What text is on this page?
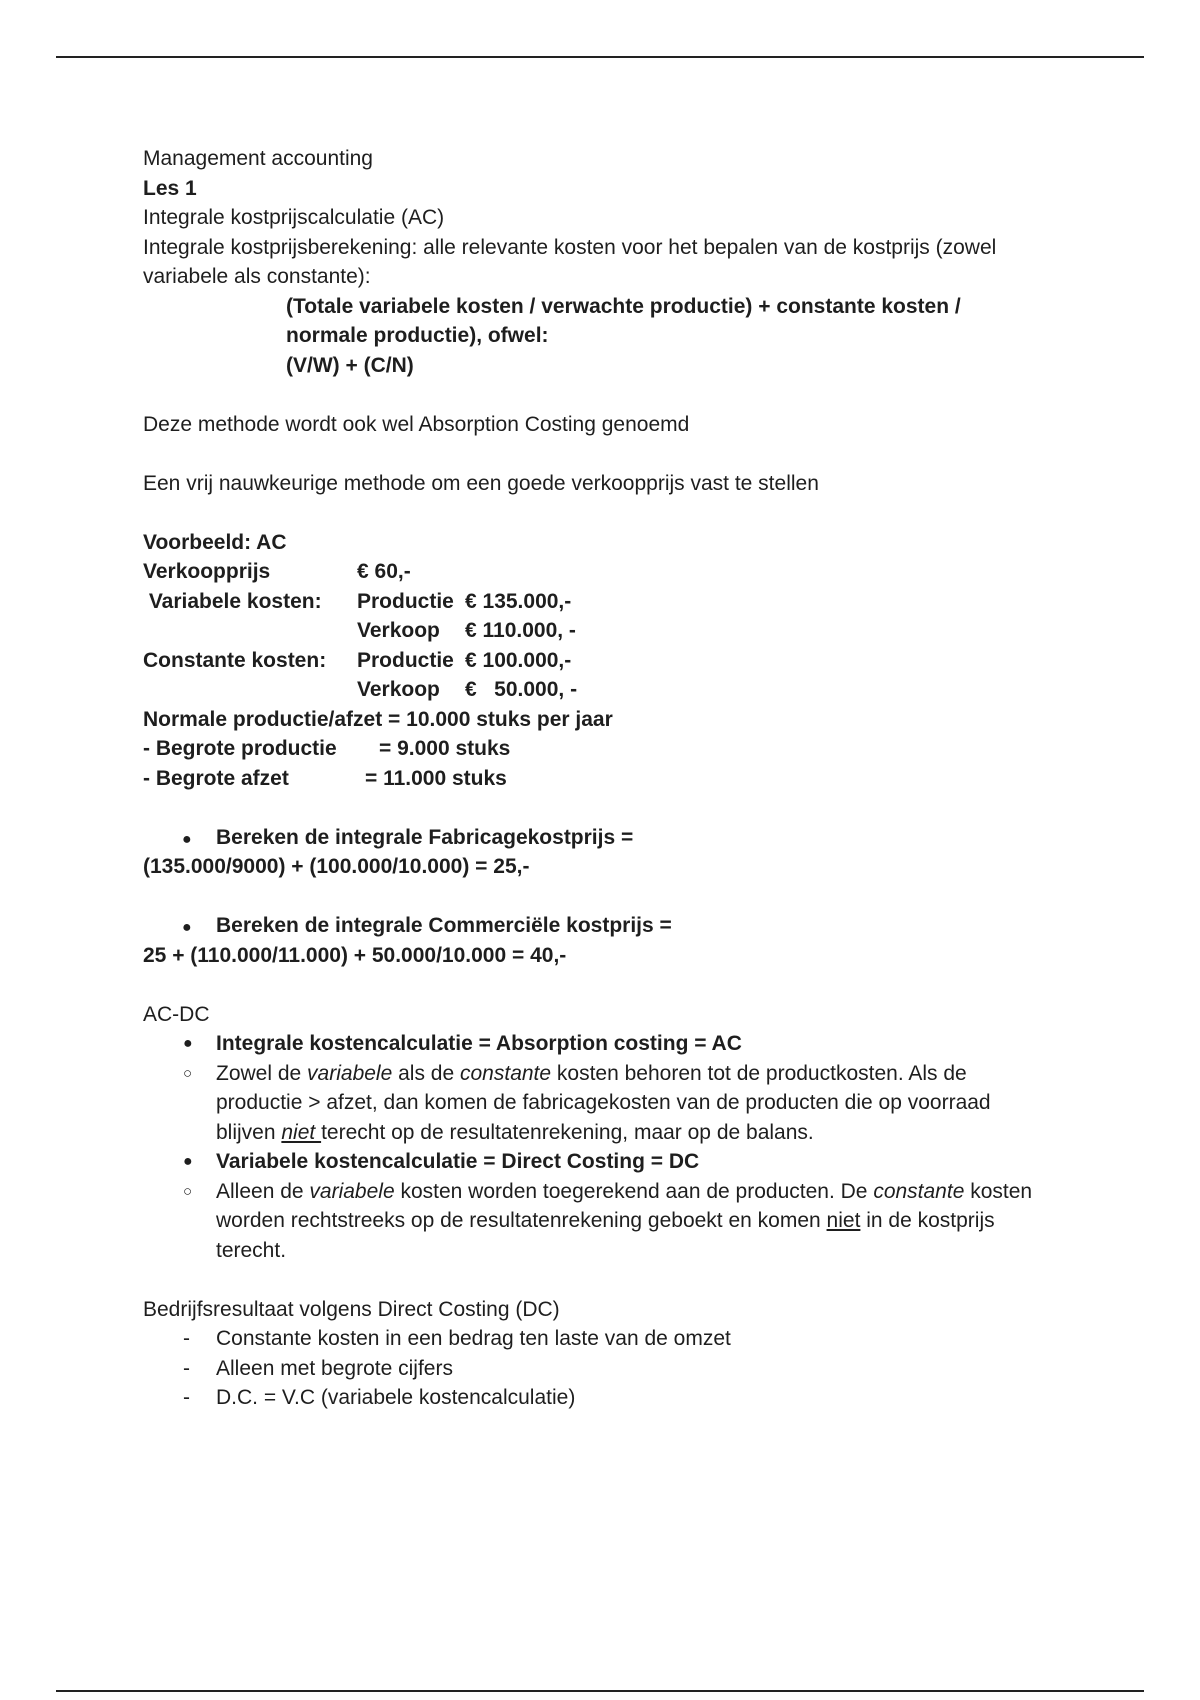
Management accounting
Les 1
Integrale kostprijscalculatie (AC)
Integrale kostprijsberekening: alle relevante kosten voor het bepalen van de kostprijs (zowel
variabele als constante):
(Totale variabele kosten / verwachte productie) + constante kosten /
normale productie), ofwel:
(V/W) + (C/N)
Deze methode wordt ook wel Absorption Costing genoemd
Een vrij nauwkeurige methode om een goede verkoopprijs vast te stellen
Voorbeeld: AC
Verkoopprijs	€ 60,-
Variabele kosten: Productie € 135.000,-
Verkoop € 110.000, -
Constante kosten: Productie € 100.000,-
Verkoop €   50.000, -
Normale productie/afzet = 10.000 stuks per jaar
- Begrote productie = 9.000 stuks
- Begrote afzet	= 11.000 stuks
● Bereken de integrale Fabricagekostprijs =
(135.000/9000) + (100.000/10.000) = 25,-
● Bereken de integrale Commerciële kostprijs =
25 + (110.000/11.000) + 50.000/10.000 = 40,-
AC-DC
● Integrale kostencalculatie = Absorption costing = AC
○ Zowel de variabele als de constante kosten behoren tot de productkosten. Als de productie > afzet, dan komen de fabricagekosten van de producten die op voorraad blijven niet terecht op de resultatenrekening, maar op de balans.
● Variabele kostencalculatie = Direct Costing = DC
○ Alleen de variabele kosten worden toegerekend aan de producten. De constante kosten worden rechtstreeks op de resultatenrekening geboekt en komen niet in de kostprijs terecht.
Bedrijfsresultaat volgens Direct Costing (DC)
- Constante kosten in een bedrag ten laste van de omzet
- Alleen met begrote cijfers
- D.C. = V.C (variabele kostencalculatie)
